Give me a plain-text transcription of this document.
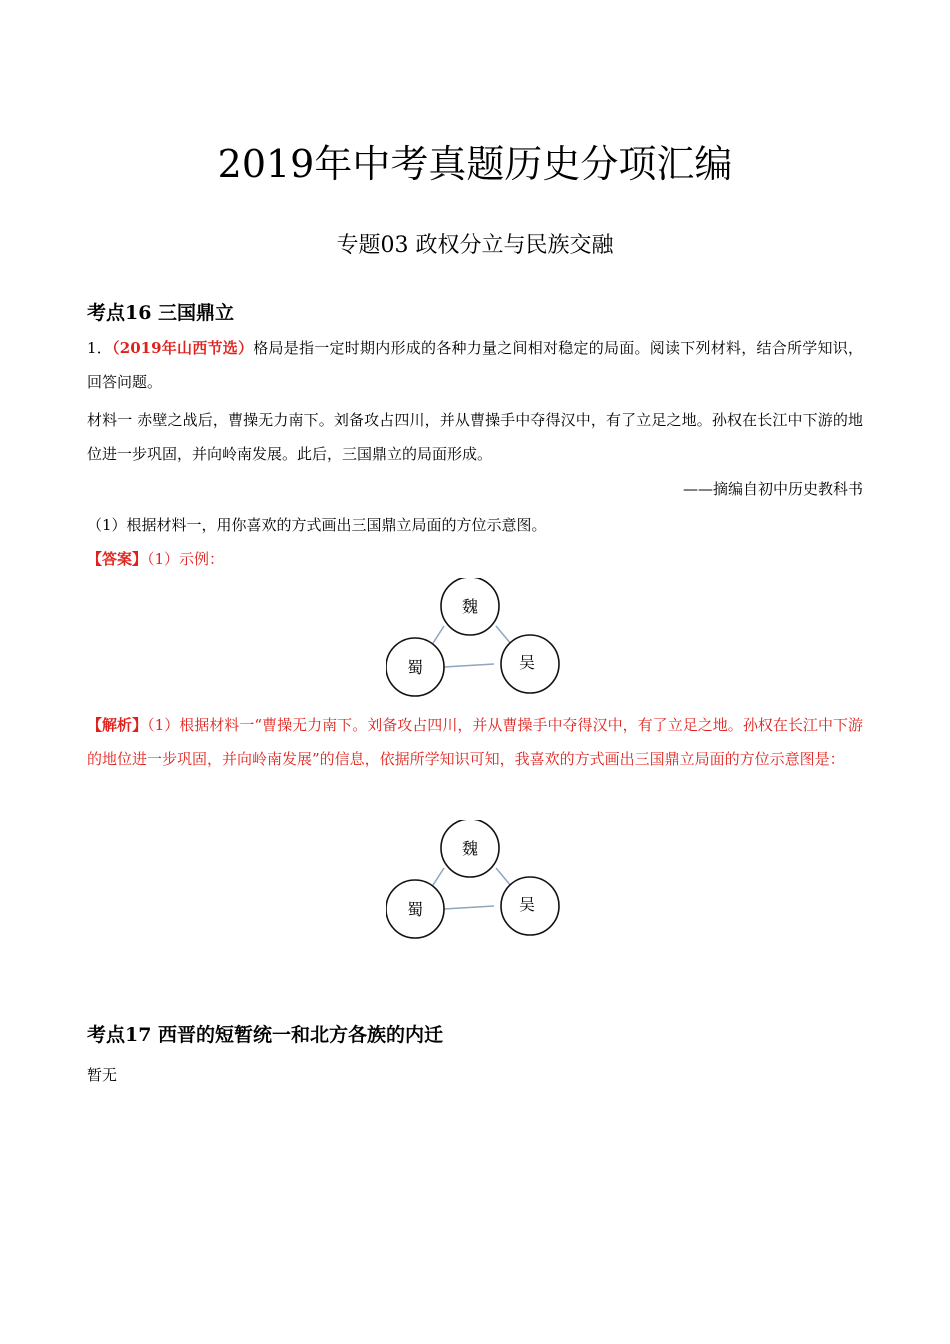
2019年中考真题历史分项汇编
专题03 政权分立与民族交融
考点16 三国鼎立
1．（2019年山西节选）格局是指一定时期内形成的各种力量之间相对稳定的局面。阅读下列材料，结合所学知识，回答问题。
材料一 赤壁之战后，曹操无力南下。刘备攻占四川，并从曹操手中夺得汉中，有了立足之地。孙权在长江中下游的地位进一步巩固，并向岭南发展。此后，三国鼎立的局面形成。
——摘编自初中历史教科书
（1）根据材料一，用你喜欢的方式画出三国鼎立局面的方位示意图。
【答案】（1）示例：
魏
蜀	吴
【解析】（1）根据材料一“曹操无力南下。刘备攻占四川，并从曹操手中夺得汉中，有了立足之地。孙权在长江中下游的地位进一步巩固，并向岭南发展”的信息，依据所学知识可知，我喜欢的方式画出三国鼎立局面的方位示意图是：
魏
蜀	吴
考点17 西晋的短暂统一和北方各族的内迁
暂无
